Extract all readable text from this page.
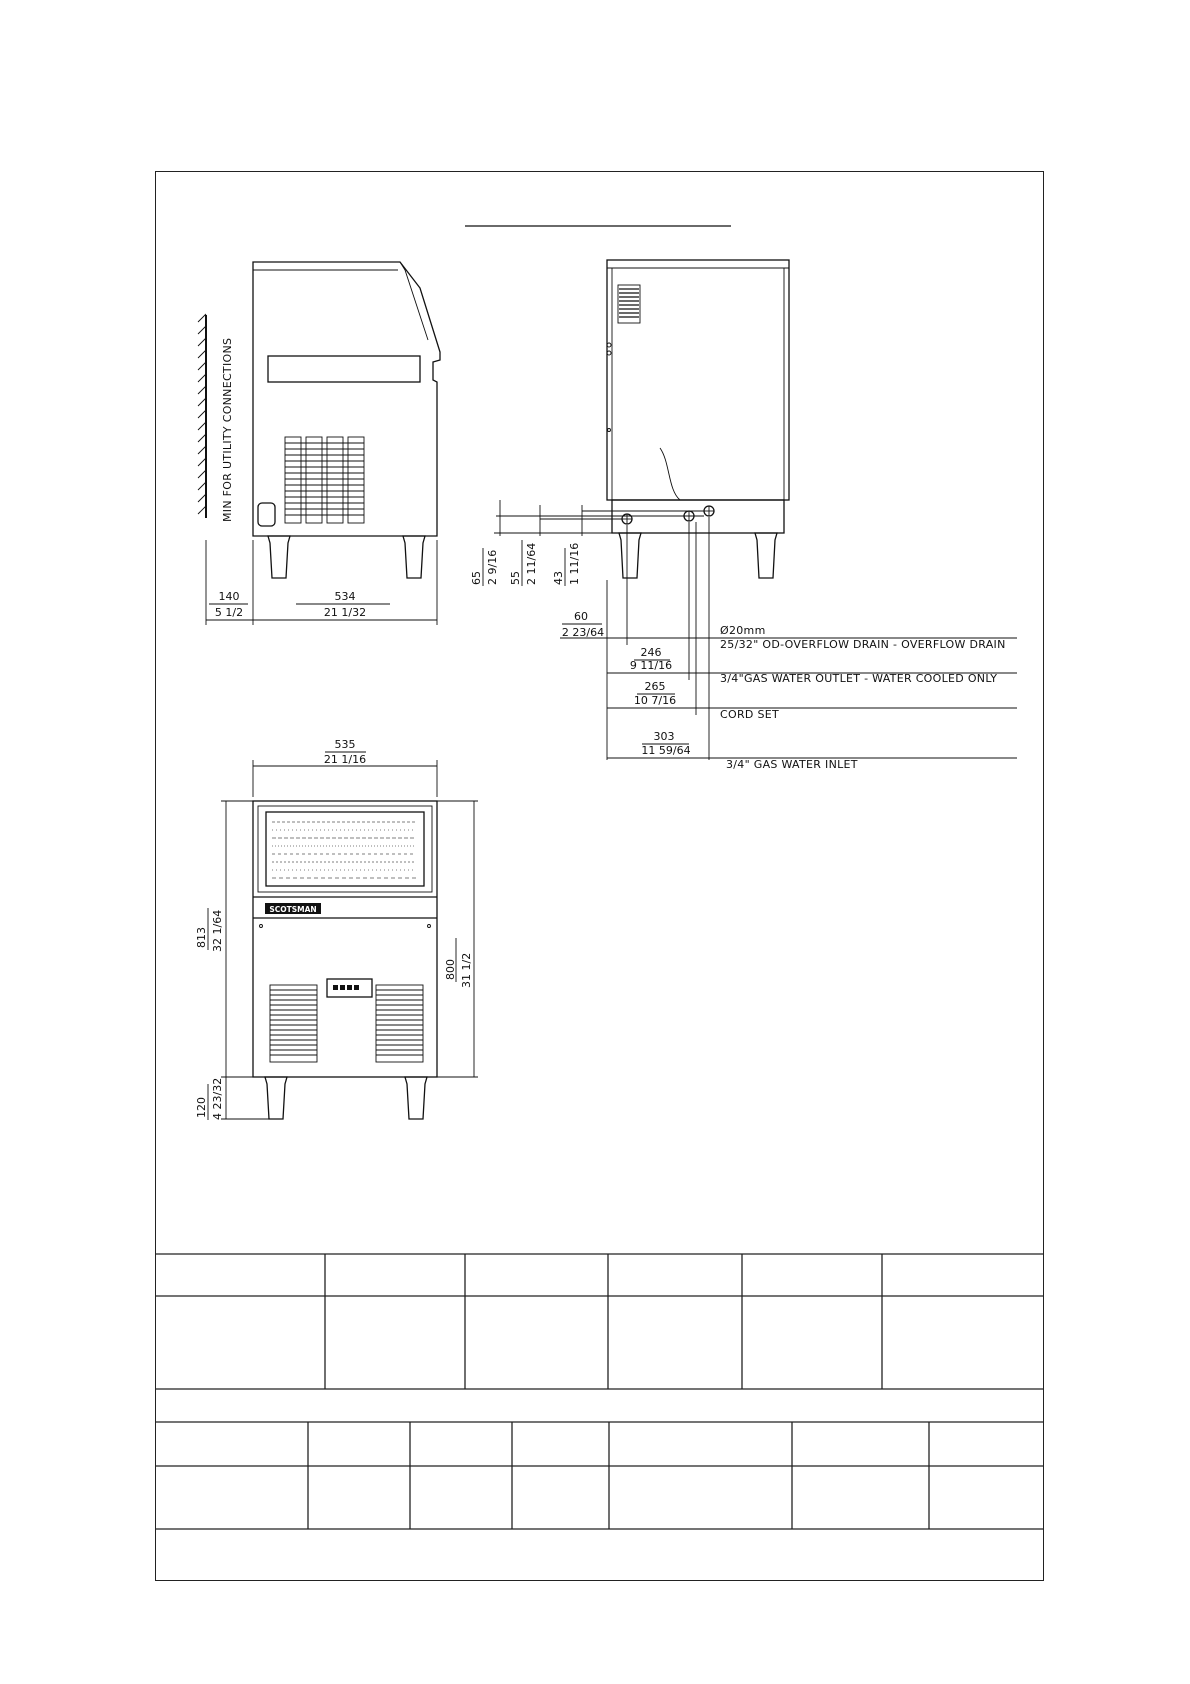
MIN FOR UTILITY CONNECTIONS
140
5 1/2
534
21 1/32
65 2 9/16 55 2 11/64 43 1 11/16
60
2 23/64
246
9 11/16
265
10 7/16
303
11 59/64
Ø20mm
25/32" OD-OVERFLOW DRAIN - OVERFLOW DRAIN
3/4"GAS WATER OUTLET - WATER COOLED ONLY
CORD SET
3/4" GAS WATER INLET
SCOTSMAN
535
21 1/16
813 32 1/64
800 31 1/2
120 4 23/32
